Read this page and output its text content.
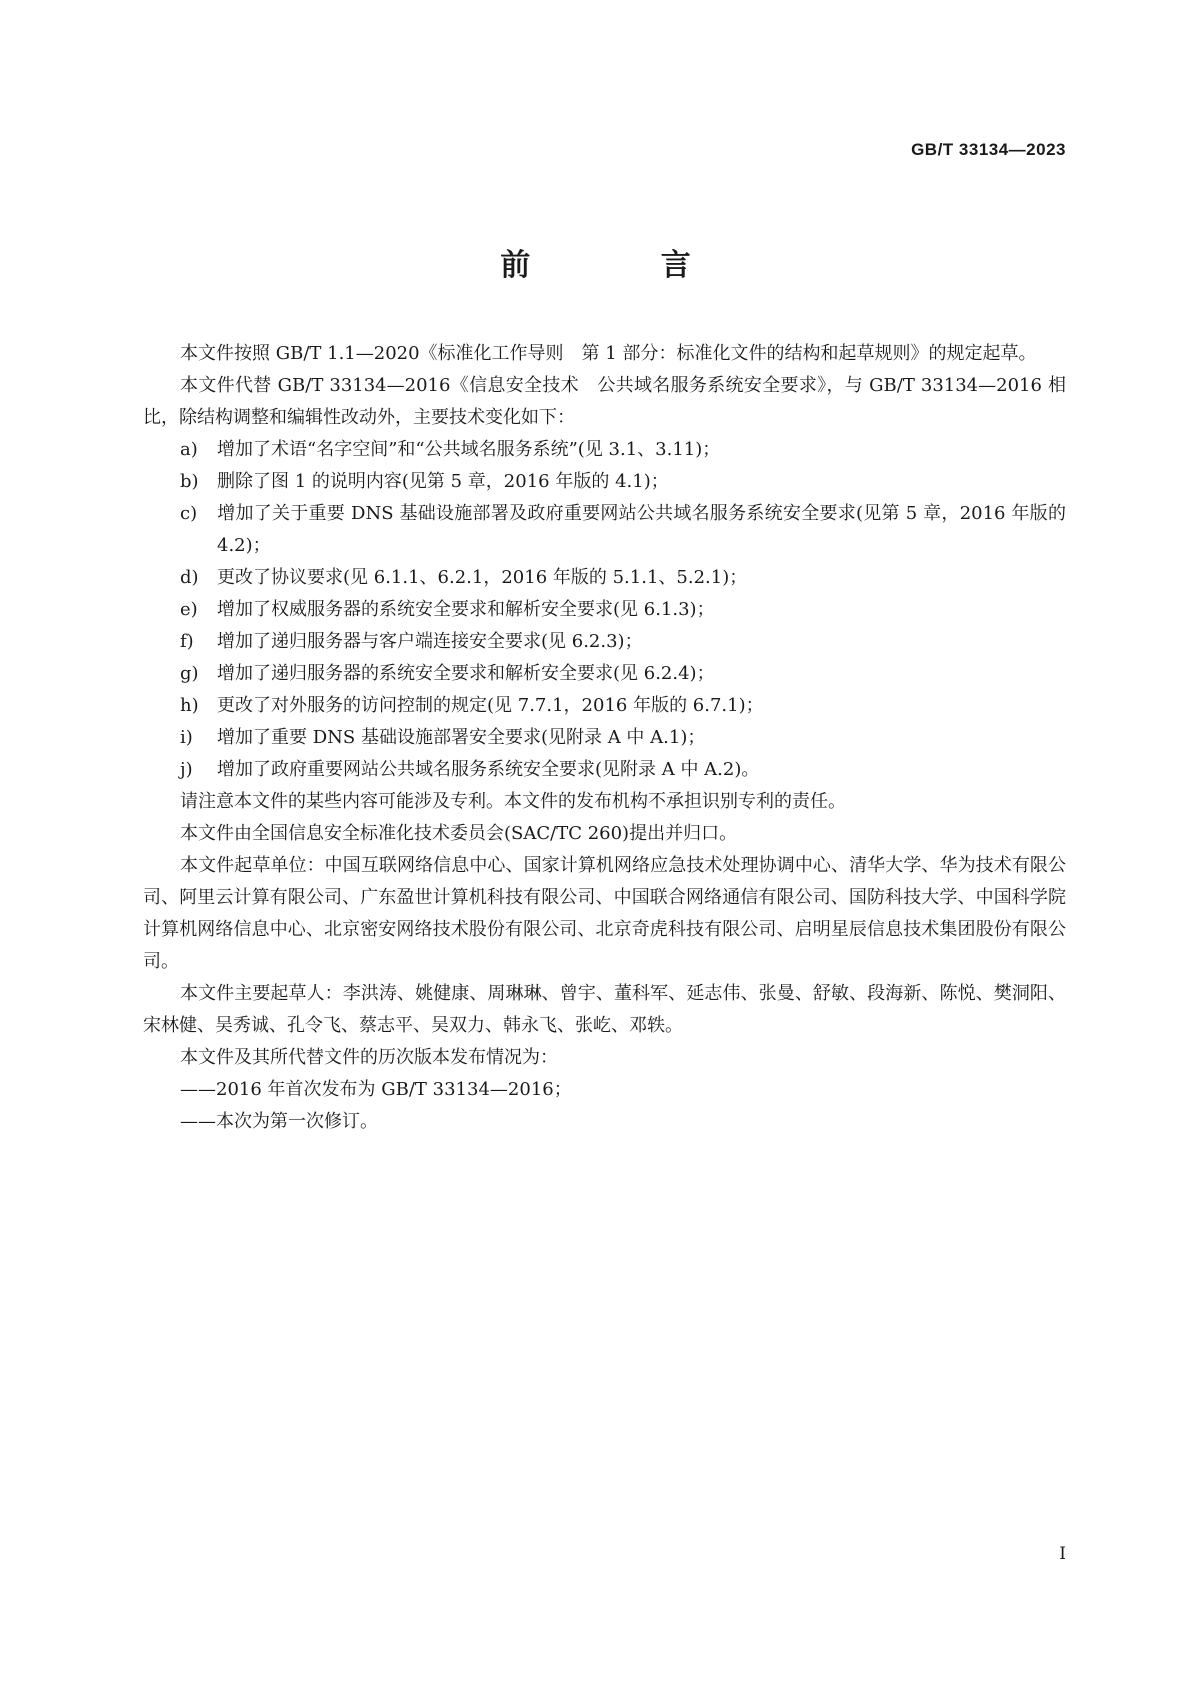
GB/T 33134—2023
前 言

本文件按照 GB/T 1.1—2020《标准化工作导则　第 1 部分：标准化文件的结构和起草规则》的规定起草。

本文件代替 GB/T 33134—2016《信息安全技术　公共域名服务系统安全要求》，与 GB/T 33134—2016 相比，除结构调整和编辑性改动外，主要技术变化如下：

a) 增加了术语“名字空间”和“公共域名服务系统”(见 3.1、3.11)；

b) 删除了图 1 的说明内容(见第 5 章，2016 年版的 4.1)；

c) 增加了关于重要 DNS 基础设施部署及政府重要网站公共域名服务系统安全要求(见第 5 章，2016 年版的 4.2)；

d) 更改了协议要求(见 6.1.1、6.2.1，2016 年版的 5.1.1、5.2.1)；

e) 增加了权威服务器的系统安全要求和解析安全要求(见 6.1.3)；

f) 增加了递归服务器与客户端连接安全要求(见 6.2.3)；

g) 增加了递归服务器的系统安全要求和解析安全要求(见 6.2.4)；

h) 更改了对外服务的访问控制的规定(见 7.7.1，2016 年版的 6.7.1)；

i) 增加了重要 DNS 基础设施部署安全要求(见附录 A 中 A.1)；

j) 增加了政府重要网站公共域名服务系统安全要求(见附录 A 中 A.2)。

请注意本文件的某些内容可能涉及专利。本文件的发布机构不承担识别专利的责任。

本文件由全国信息安全标准化技术委员会(SAC/TC 260)提出并归口。

本文件起草单位：中国互联网络信息中心、国家计算机网络应急技术处理协调中心、清华大学、华为技术有限公司、阿里云计算有限公司、广东盈世计算机科技有限公司、中国联合网络通信有限公司、国防科技大学、中国科学院计算机网络信息中心、北京密安网络技术股份有限公司、北京奇虎科技有限公司、启明星辰信息技术集团股份有限公司。

本文件主要起草人：李洪涛、姚健康、周琳琳、曾宇、董科军、延志伟、张曼、舒敏、段海新、陈悦、樊洞阳、宋林健、吴秀诚、孔令飞、蔡志平、吴双力、韩永飞、张屹、邓轶。

本文件及其所代替文件的历次版本发布情况为：

——2016 年首次发布为 GB/T 33134—2016；

——本次为第一次修订。

I
